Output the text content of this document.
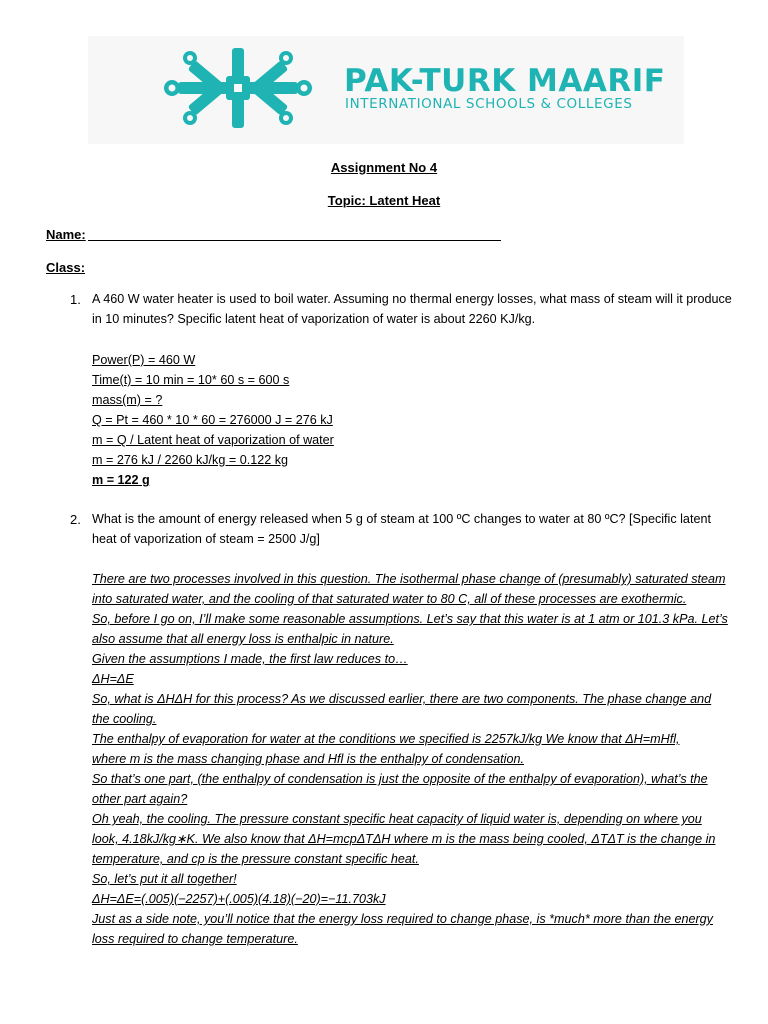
PAK-TURK MAARIF
INTERNATIONAL SCHOOLS & COLLEGES
Assignment No 4
Topic: Latent Heat
Name:
Class:
1. A 460 W water heater is used to boil water. Assuming no thermal energy losses, what mass of steam will it produce in 10 minutes? Specific latent heat of vaporization of water is about 2260 KJ/kg.
Power(P) = 460 W
Time(t) = 10 min = 10* 60 s = 600 s
mass(m) = ?
Q = Pt = 460 * 10 * 60 = 276000 J = 276 kJ
m = Q / Latent heat of vaporization of water
m = 276 kJ / 2260 kJ/kg = 0.122 kg
m = 122 g
2. What is the amount of energy released when 5 g of steam at 100 ºC changes to water at 80 ºC? [Specific latent heat of vaporization of steam = 2500 J/g]
There are two processes involved in this question. The isothermal phase change of (presumably) saturated steam
into saturated water, and the cooling of that saturated water to 80 C, all of these processes are exothermic.
So, before I go on, I’ll make some reasonable assumptions. Let’s say that this water is at 1 atm or 101.3 kPa. Let’s
also assume that all energy loss is enthalpic in nature.
Given the assumptions I made, the first law reduces to…
ΔH=ΔE
So, what is ΔHΔH for this process? As we discussed earlier, there are two components. The phase change and
the cooling.
The enthalpy of evaporation for water at the conditions we specified is 2257kJ/kg We know that ΔH=mHfl,
where m is the mass changing phase and Hfl is the enthalpy of condensation.
So that’s one part, (the enthalpy of condensation is just the opposite of the enthalpy of evaporation), what’s the
other part again?
Oh yeah, the cooling. The pressure constant specific heat capacity of liquid water is, depending on where you
look, 4.18kJ/kg∗K. We also know that ΔH=mcpΔTΔH where m is the mass being cooled, ΔTΔT is the change in
temperature, and cp is the pressure constant specific heat.
So, let’s put it all together!
ΔH=ΔE=(.005)(−2257)+(.005)(4.18)(−20)=−11.703kJ
Just as a side note, you’ll notice that the energy loss required to change phase, is *much* more than the energy
loss required to change temperature.
